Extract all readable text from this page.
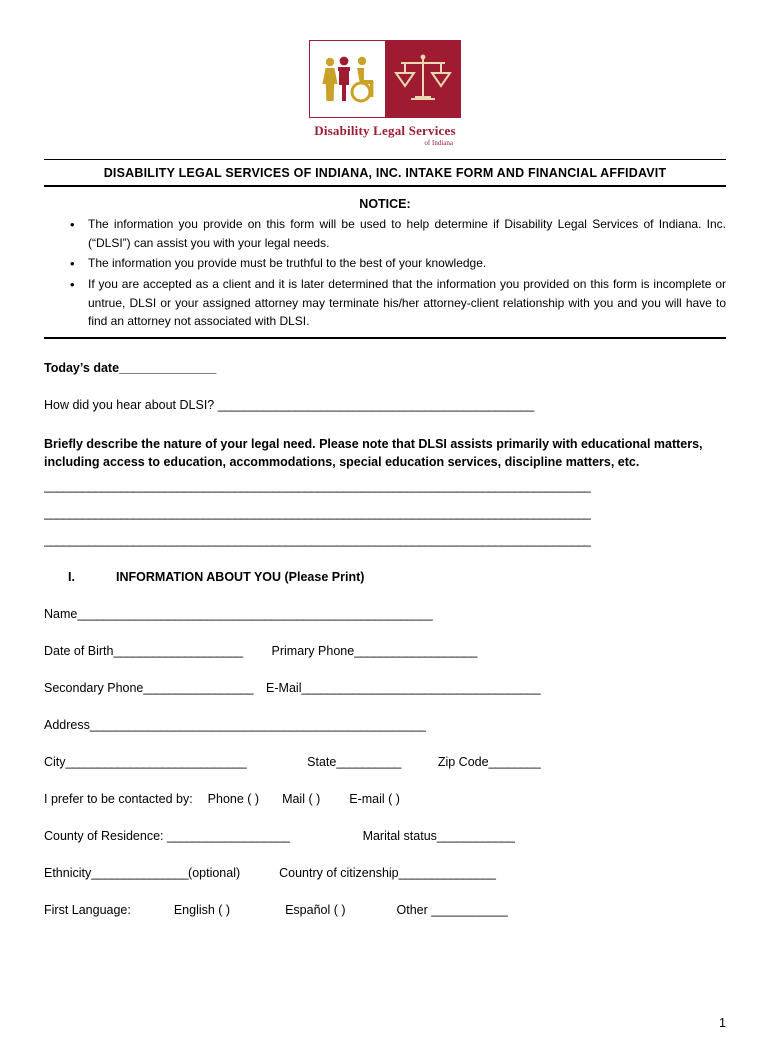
Disability Legal Services
of Indiana
DISABILITY LEGAL SERVICES OF INDIANA, INC. INTAKE FORM AND FINANCIAL AFFIDAVIT
NOTICE:
• The information you provide on this form will be used to help determine if Disability Legal Services of Indiana. Inc. (“DLSI”) can assist you with your legal needs.
• The information you provide must be truthful to the best of your knowledge.
• If you are accepted as a client and it is later determined that the information you provided on this form is incomplete or untrue, DLSI or your assigned attorney may terminate his/her attorney-client relationship with you and you will have to find an attorney not associated with DLSI.
Today’s date_______________
How did you hear about DLSI? _________________________________________________
Briefly describe the nature of your legal need. Please note that DLSI assists primarily with educational matters, including access to education, accommodations, special education services, discipline matters, etc.
______________________________________________________________________________________
______________________________________________________________________________________
______________________________________________________________________________________
I.	INFORMATION ABOUT YOU (Please Print)
Name_______________________________________________________
Date of Birth____________________ Primary Phone___________________
Secondary Phone_________________ E-Mail_____________________________________
Address____________________________________________________
City____________________________	State__________	Zip Code________
I prefer to be contacted by: Phone ( ) Mail ( ) E-mail ( )
County of Residence: ___________________	Marital status____________
Ethnicity_______________(optional)	Country of citizenship_______________
First Language:	English ( )	Español ( )	Other ___________
1
